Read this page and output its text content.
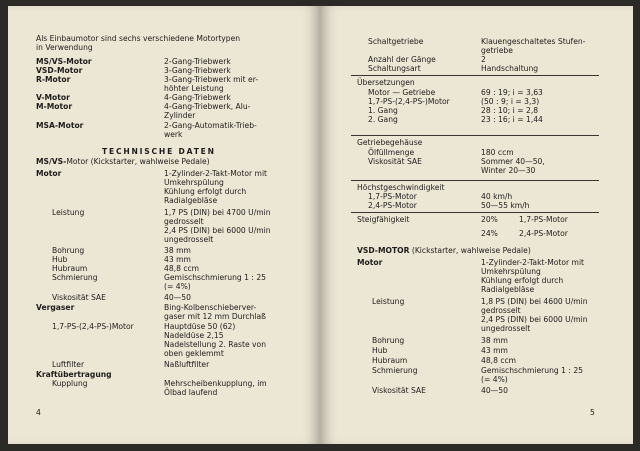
Als Einbaumotor sind sechs verschiedene Motortypen
in Verwendung
MS/VS-Motor	2-Gang-Triebwerk
VSD-Motor	3-Gang-Triebwerk
R-Motor	3-Gang-Triebwerk mit er-
höhter Leistung
V-Motor	4-Gang-Triebwerk
M-Motor	4-Gang-Triebwerk, Alu-
Zylinder
MSA-Motor	2-Gang-Automatik-Trieb-
werk
TECHNISCHE DATEN
MS/VS-Motor (Kickstarter, wahlweise Pedale)
Motor	1-Zylinder-2-Takt-Motor mit
Umkehrspülung
Kühlung erfolgt durch
Radialgebläse
Leistung	1,7 PS (DIN) bei 4700 U/min
gedrosselt
2,4 PS (DIN) bei 6000 U/min
ungedrosselt
Bohrung	38 mm
Hub	43 mm
Hubraum	48,8 ccm
Schmierung	Gemischschmierung 1 : 25
(= 4%)
Viskosität SAE	40—50
Vergaser	Bing-Kolbenschieberver-
gaser mit 12 mm Durchlaß
1,7-PS-(2,4-PS-)Motor	Hauptdüse 50 (62)
Nadeldüse 2,15
Nadelstellung 2. Raste von
oben geklemmt
Luftfilter	Naßluftfilter
Kraftübertragung
Kupplung	Mehrscheibenkupplung, im
Ölbad laufend
4
Schaltgetriebe	Klauengeschaltetes Stufen-
getriebe
Anzahl der Gänge	2
Schaltungsart	Handschaltung
Übersetzungen
Motor — Getriebe	69 : 19; i = 3,63
1,7-PS-(2,4-PS-)Motor	(50 : 9; i = 3,3)
1. Gang	28 : 10; i = 2,8
2. Gang	23 : 16; i = 1,44
Getriebegehäuse
Ölfüllmenge	180 ccm
Viskosität SAE	Sommer 40—50,
Winter 20—30
Höchstgeschwindigkeit
1,7-PS-Motor	40 km/h
2,4-PS-Motor	50—55 km/h
Steigfähigkeit	20%	1,7-PS-Motor
24%	2,4-PS-Motor
VSD-MOTOR (Kickstarter, wahlweise Pedale)
Motor	1-Zylinder-2-Takt-Motor mit
Umkehrspülung
Kühlung erfolgt durch
Radialgebläse
Leistung	1,8 PS (DIN) bei 4600 U/min
gedrosselt
2,4 PS (DIN) bei 6000 U/min
ungedrosselt
Bohrung	38 mm
Hub	43 mm
Hubraum	48,8 ccm
Schmierung	Gemischschmierung 1 : 25
(= 4%)
Viskosität SAE	40—50
5
